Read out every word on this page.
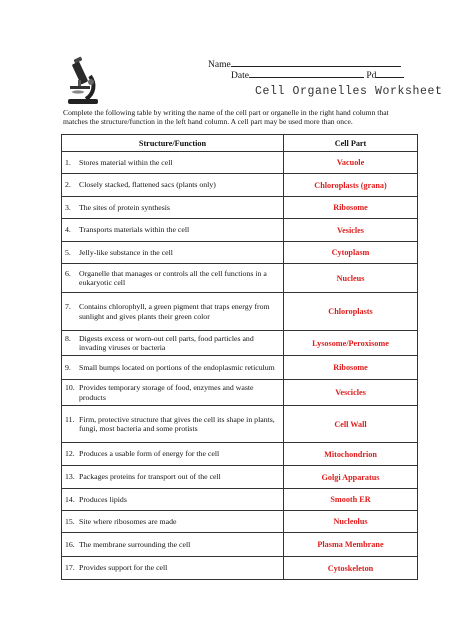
Name
Date	Pd
Cell Organelles Worksheet

Complete the following table by writing the name of the cell part or organelle in the right hand column that matches the structure/function in the left hand column. A cell part may be used more than once.

Structure/Function	Cell Part

1. Stores material within the cell	Vacuole

2. Closely stacked, flattened sacs (plants only)	Chloroplasts (grana)

3. The sites of protein synthesis	Ribosome

4. Transports materials within the cell	Vesicles

5. Jelly-like substance in the cell	Cytoplasm

6. Organelle that manages or controls all the cell functions in a eukaryotic cell	Nucleus

7. Contains chlorophyll, a green pigment that traps energy from sunlight and gives plants their green color	Chloroplasts

8. Digests excess or worn-out cell parts, food particles and invading viruses or bacteria	Lysosome/Peroxisome

9. Small bumps located on portions of the endoplasmic reticulum	Ribosome

10. Provides temporary storage of food, enzymes and waste products	Vescicles

11. Firm, protective structure that gives the cell its shape in plants, fungi, most bacteria and some protists	Cell Wall

12. Produces a usable form of energy for the cell	Mitochondrion

13. Packages proteins for transport out of the cell	Golgi Apparatus

14. Produces lipids	Smooth ER

15. Site where ribosomes are made	Nucleolus

16. The membrane surrounding the cell	Plasma Membrane

17. Provides support for the cell	Cytoskeleton
